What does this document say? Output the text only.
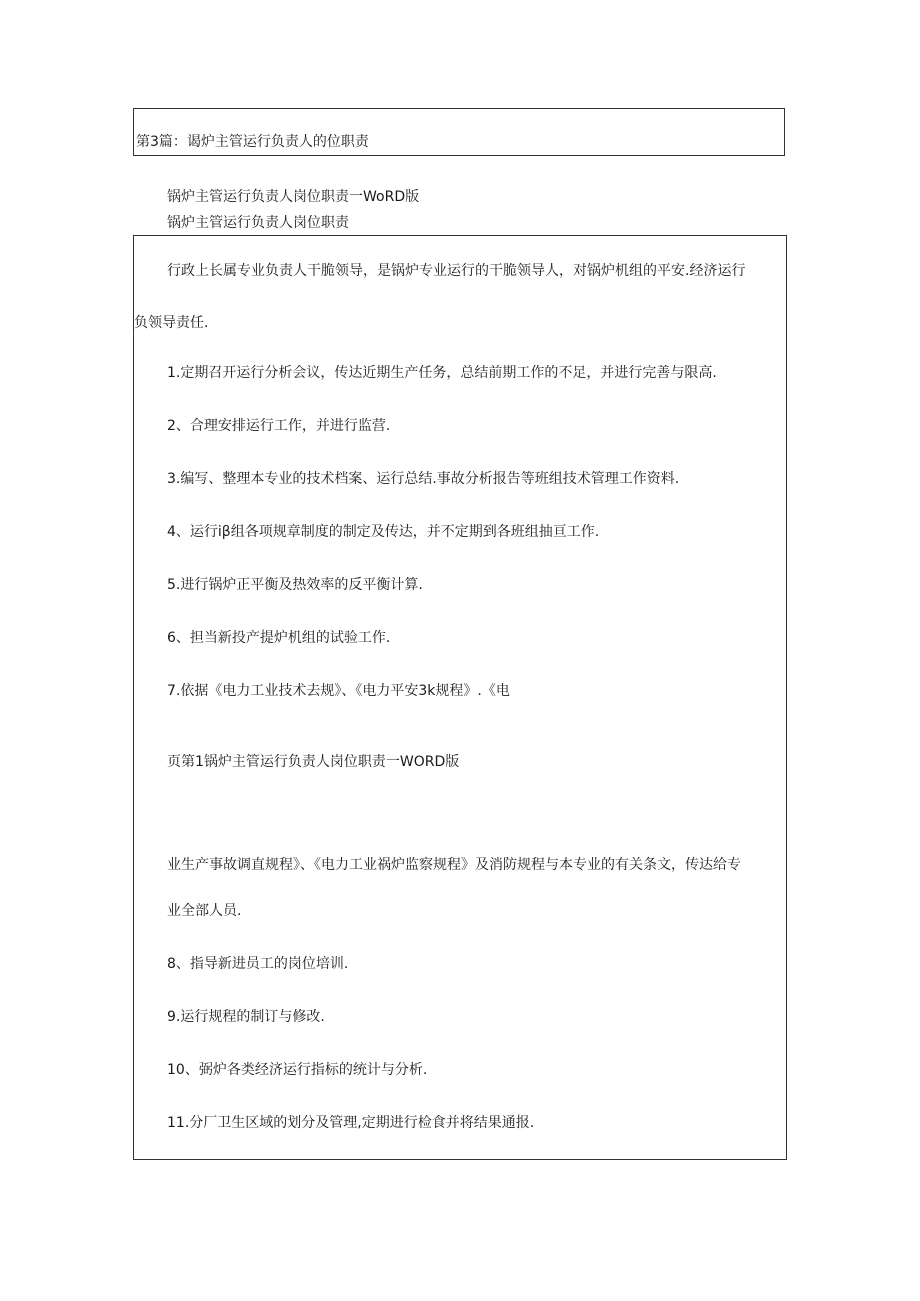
第3篇：谒炉主管运行负责人的位职责
锅炉主管运行负责人岗位职责一WoRD版
锅炉主管运行负责人岗位职责
行政上长属专业负责人干脆领导，是锅炉专业运行的干脆领导人，对锅炉机组的平安.经济运行
负领导责任.
1.定期召开运行分析会议，传达近期生产任务，总结前期工作的不足，并进行完善与限高.
2、合理安排运行工作，并进行监营.
3.编写、整理本专业的技术档案、运行总结.事故分析报告等班组技术管理工作资料.
4、运行iβ组各项规章制度的制定及传达，并不定期到各班组抽亘工作.
5.进行锅炉正平衡及热效率的反平衡计算.
6、担当新投产提炉机组的试验工作.
7.依据《电力工业技术去规》、《电力平安3k规程》.《电
页第1锅炉主管运行负责人岗位职责一WORD版
业生产事故调直规程》、《电力工业祸炉监察规程》及消防规程与本专业的有关条文，传达给专
业全部人员.
8、指导新进员工的岗位培训.
9.运行规程的制订与修改.
10、弼炉各类经济运行指标的统计与分析.
11.分厂卫生区域的划分及管理,定期进行检食并将结果通报.
